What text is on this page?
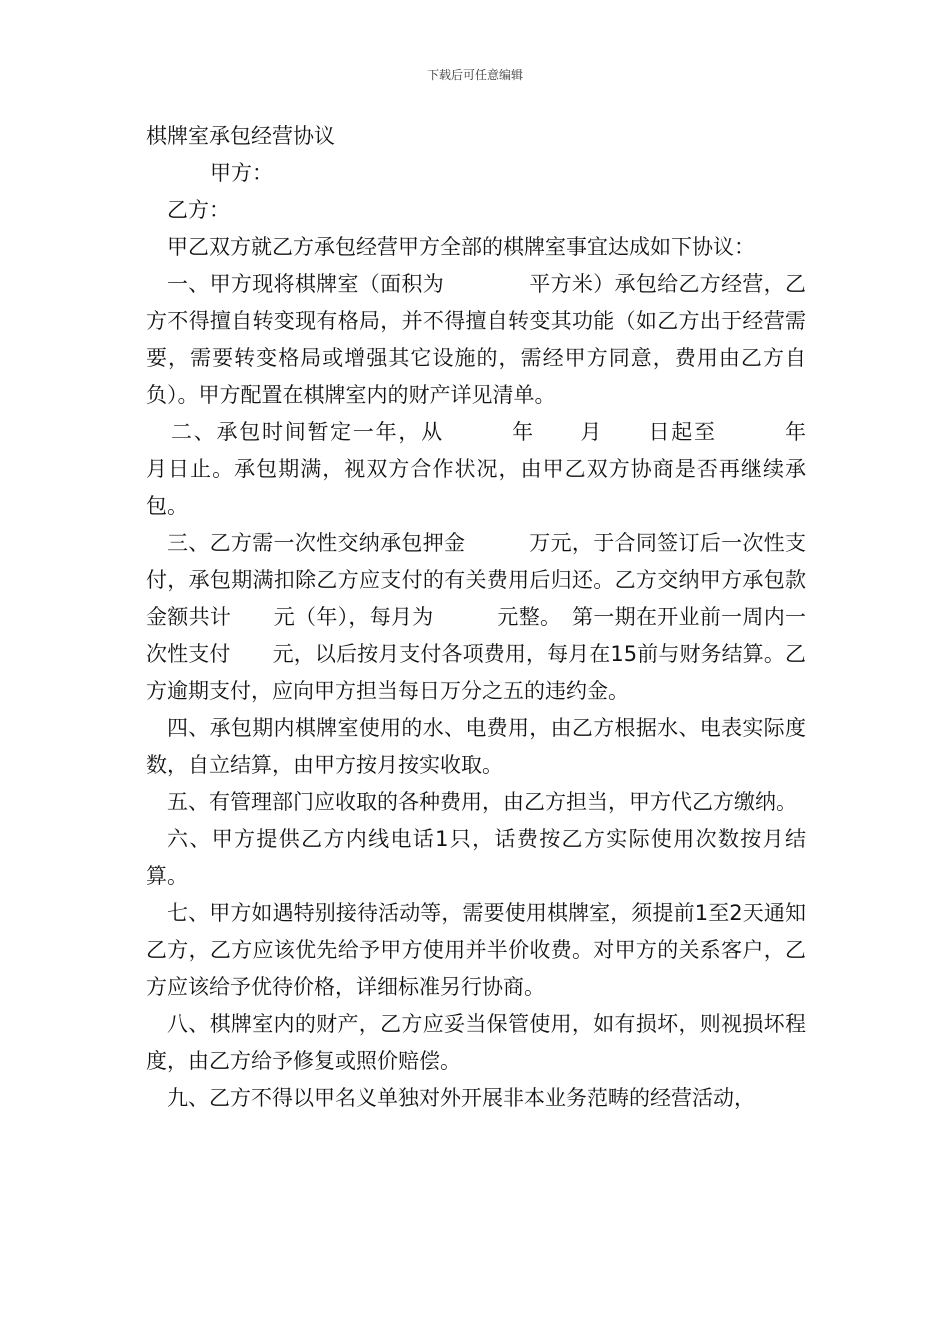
下载后可任意编辑

棋牌室承包经营协议

甲方：

乙方：

甲乙双方就乙方承包经营甲方全部的棋牌室事宜达成如下协议：

一、甲方现将棋牌室（面积为　　　　平方米）承包给乙方经营，乙方不得擅自转变现有格局，并不得擅自转变其功能（如乙方出于经营需要，需要转变格局或增强其它设施的，需经甲方同意，费用由乙方自负）。甲方配置在棋牌室内的财产详见清单。

二、承包时间暂定一年，从　　　年　　月　　日起至　　　年　　月日止。承包期满，视双方合作状况，由甲乙双方协商是否再继续承包。

三、乙方需一次性交纳承包押金　　　万元，于合同签订后一次性支付，承包期满扣除乙方应支付的有关费用后归还。乙方交纳甲方承包款金额共计　　元（年），每月为　　　元整。　第一期在开业前一周内一次性支付　　元，以后按月支付各项费用，每月在15前与财务结算。乙方逾期支付，应向甲方担当每日万分之五的违约金。

四、承包期内棋牌室使用的水、电费用，由乙方根据水、电表实际度数，自立结算，由甲方按月按实收取。

五、有管理部门应收取的各种费用，由乙方担当，甲方代乙方缴纳。

六、甲方提供乙方内线电话1只，话费按乙方实际使用次数按月结算。

七、甲方如遇特别接待活动等，需要使用棋牌室，须提前1至2天通知乙方，乙方应该优先给予甲方使用并半价收费。对甲方的关系客户，乙方应该给予优待价格，详细标准另行协商。

八、棋牌室内的财产，乙方应妥当保管使用，如有损坏，则视损坏程度，由乙方给予修复或照价赔偿。

九、乙方不得以甲名义单独对外开展非本业务范畴的经营活动，
